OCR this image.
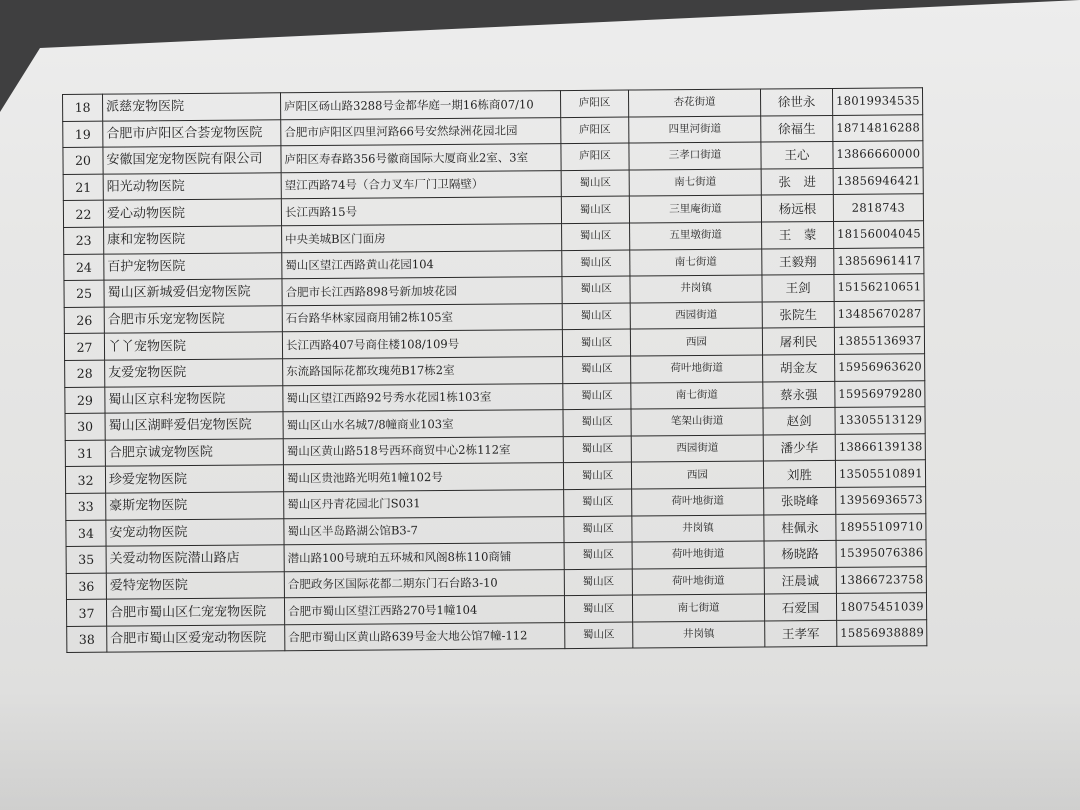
18	派慈宠物医院	庐阳区砀山路3288号金都华庭一期16栋商07/10	庐阳区	杏花街道	徐世永	18019934535
19	合肥市庐阳区合荟宠物医院	合肥市庐阳区四里河路66号安然绿洲花园北园	庐阳区	四里河街道	徐福生	18714816288
20	安徽国宠宠物医院有限公司	庐阳区寿春路356号徽商国际大厦商业2室、3室	庐阳区	三孝口街道	王心	13866660000
21	阳光动物医院	望江西路74号（合力叉车厂门卫隔壁）	蜀山区	南七街道	张　进	13856946421
22	爱心动物医院	长江西路15号	蜀山区	三里庵街道	杨远根	2818743
23	康和宠物医院	中央美城B区门面房	蜀山区	五里墩街道	王　蒙	18156004045
24	百护宠物医院	蜀山区望江西路黄山花园104	蜀山区	南七街道	王毅翔	13856961417
25	蜀山区新城爱侣宠物医院	合肥市长江西路898号新加坡花园	蜀山区	井岗镇	王剑	15156210651
26	合肥市乐宠宠物医院	石台路华林家园商用铺2栋105室	蜀山区	西园街道	张院生	13485670287
27	丫丫宠物医院	长江西路407号商住楼108/109号	蜀山区	西园	屠利民	13855136937
28	友爱宠物医院	东流路国际花都玫瑰苑B17栋2室	蜀山区	荷叶地街道	胡金友	15956963620
29	蜀山区京科宠物医院	蜀山区望江西路92号秀水花园1栋103室	蜀山区	南七街道	蔡永强	15956979280
30	蜀山区湖畔爱侣宠物医院	蜀山区山水名城7/8幢商业103室	蜀山区	笔架山街道	赵剑	13305513129
31	合肥京诚宠物医院	蜀山区黄山路518号西环商贸中心2栋112室	蜀山区	西园街道	潘少华	13866139138
32	珍爱宠物医院	蜀山区贵池路光明苑1幢102号	蜀山区	西园	刘胜	13505510891
33	豪斯宠物医院	蜀山区丹青花园北门S031	蜀山区	荷叶地街道	张晓峰	13956936573
34	安宠动物医院	蜀山区半岛路湖公馆B3-7	蜀山区	井岗镇	桂佩永	18955109710
35	关爱动物医院潜山路店	潜山路100号琥珀五环城和风阁8栋110商铺	蜀山区	荷叶地街道	杨晓路	15395076386
36	爱特宠物医院	合肥政务区国际花都二期东门石台路3-10	蜀山区	荷叶地街道	汪晨诚	13866723758
37	合肥市蜀山区仁宠宠物医院	合肥市蜀山区望江西路270号1幢104	蜀山区	南七街道	石爱国	18075451039
38	合肥市蜀山区爱宠动物医院	合肥市蜀山区黄山路639号金大地公馆7幢-112	蜀山区	井岗镇	王孝军	15856938889
